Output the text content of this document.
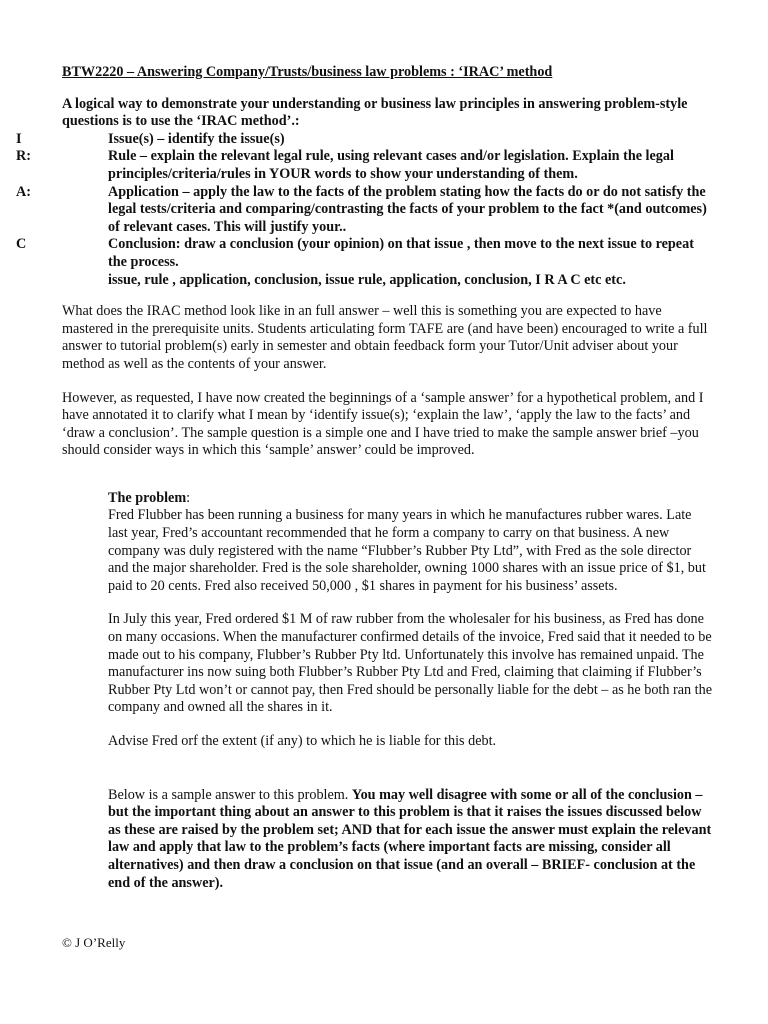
BTW2220 – Answering Company/Trusts/business law problems : ‘IRAC’ method

A logical way to demonstrate your understanding or business law principles in answering problem-style questions is to use the ‘IRAC method’.:

I	Issue(s) – identify the issue(s)
R:	Rule – explain the relevant legal rule, using relevant cases and/or legislation. Explain the legal principles/criteria/rules in YOUR words to show your understanding of them.
A:	Application – apply the law to the facts of the problem stating how the facts do or do not satisfy the legal tests/criteria and comparing/contrasting the facts of your problem to the fact *(and outcomes) of relevant cases. This will justify your..
C	Conclusion: draw a conclusion (your opinion) on that issue , then move to the next issue to repeat the process.

issue, rule , application, conclusion, issue rule, application, conclusion, I R A C etc etc.

What does the IRAC method look like in an full answer – well this is something you are expected to have mastered in the prerequisite units. Students articulating form TAFE are (and have been) encouraged to write a full answer to tutorial problem(s) early in semester and obtain feedback form your Tutor/Unit adviser about your method as well as the contents of your answer.

However, as requested, I have now created the beginnings of a ‘sample answer’ for a hypothetical problem, and I have annotated it to clarify what I mean by ‘identify issue(s); ‘explain the law’, ‘apply the law to the facts’ and ‘draw a conclusion’. The sample question is a simple one and I have tried to make the sample answer brief –you should consider ways in which this ‘sample’ answer’ could be improved.

The problem:

Fred Flubber has been running a business for many years in which he manufactures rubber wares. Late last year, Fred’s accountant recommended that he form a company to carry on that business. A new company was duly registered with the name “Flubber’s Rubber Pty Ltd”, with Fred as the sole director and the major shareholder. Fred is the sole shareholder, owning 1000 shares with an issue price of $1, but paid to 20 cents. Fred also received 50,000 , $1 shares in payment for his business’ assets.

In July this year, Fred ordered $1 M of raw rubber from the wholesaler for his business, as Fred has done on many occasions. When the manufacturer confirmed details of the invoice, Fred said that it needed to be made out to his company, Flubber’s Rubber Pty ltd. Unfortunately this involve has remained unpaid. The manufacturer ins now suing both Flubber’s Rubber Pty Ltd and Fred, claiming that claiming if Flubber’s Rubber Pty Ltd won’t or cannot pay, then Fred should be personally liable for the debt – as he both ran the company and owned all the shares in it.

Advise Fred orf the extent (if any) to which he is liable for this debt.

Below is a sample answer to this problem. You may well disagree with some or all of the conclusion – but the important thing about an answer to this problem is that it raises the issues discussed below as these are raised by the problem set; AND that for each issue the answer must explain the relevant law and apply that law to the problem’s facts (where important facts are missing, consider all alternatives) and then draw a conclusion on that issue (and an overall – BRIEF- conclusion at the end of the answer).

© J O’Relly
